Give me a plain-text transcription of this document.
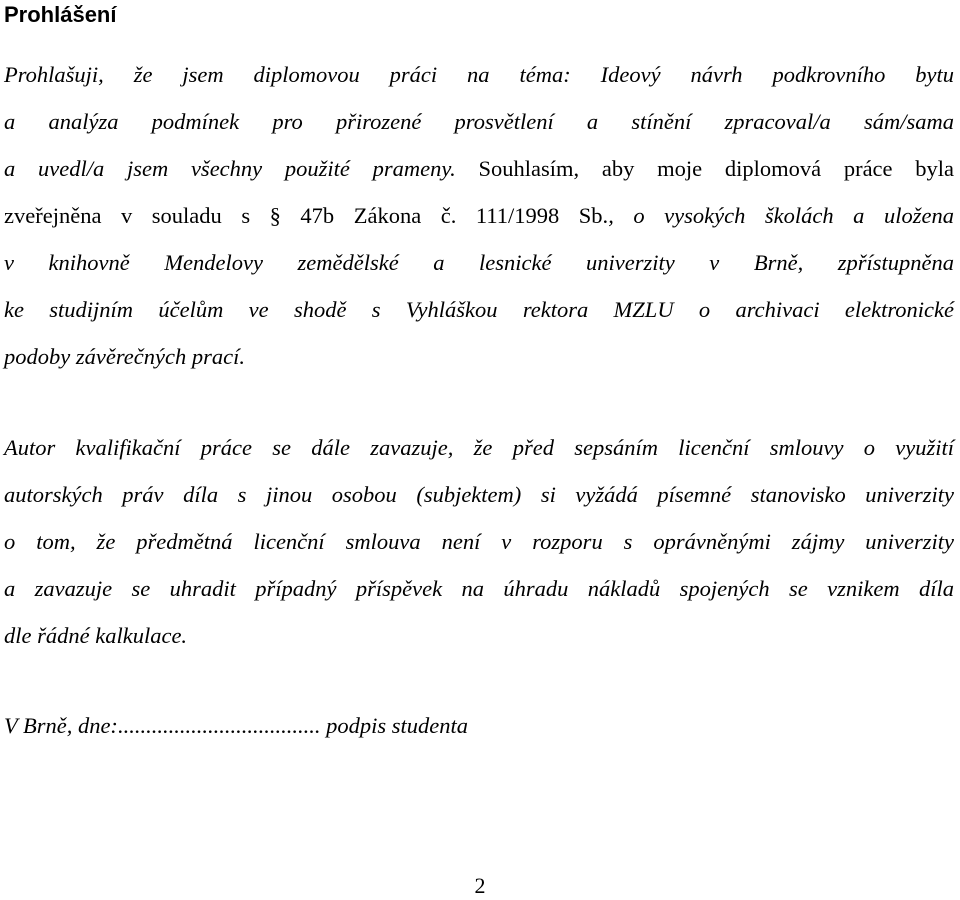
Prohlášení
Prohlašuji, že jsem diplomovou práci na téma: Ideový návrh podkrovního bytu
a analýza podmínek pro přirozené prosvětlení a stínění zpracoval/a sám/sama
a uvedl/a jsem všechny použité prameny. Souhlasím, aby moje diplomová práce byla
zveřejněna v souladu s § 47b Zákona č. 111/1998 Sb., o vysokých školách a uložena
v knihovně Mendelovy zemědělské a lesnické univerzity v Brně, zpřístupněna
ke studijním účelům ve shodě s Vyhláškou rektora MZLU o archivaci elektronické
podoby závěrečných prací.
Autor kvalifikační práce se dále zavazuje, že před sepsáním licenční smlouvy o využití
autorských práv díla s jinou osobou (subjektem) si vyžádá písemné stanovisko univerzity
o tom, že předmětná licenční smlouva není v rozporu s oprávněnými zájmy univerzity
a zavazuje se uhradit případný příspěvek na úhradu nákladů spojených se vznikem díla
dle řádné kalkulace.

V Brně, dne:.................................... podpis studenta

2
